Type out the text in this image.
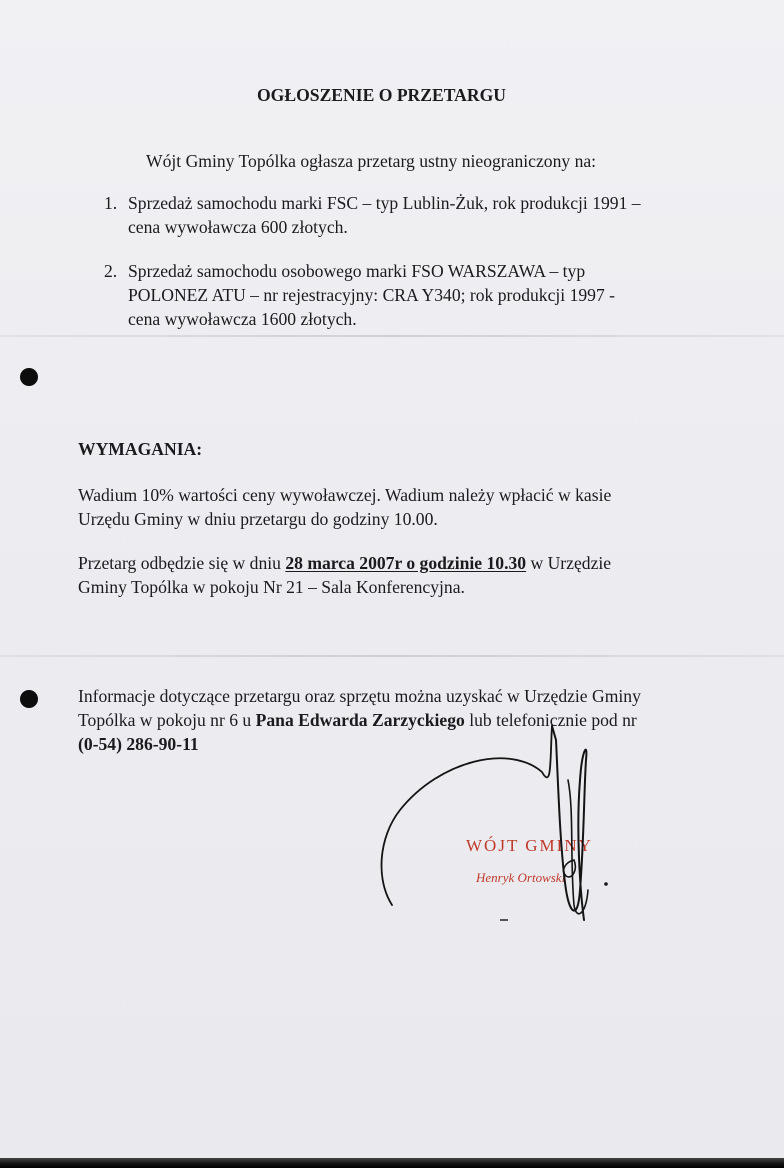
OGŁOSZENIE O PRZETARGU
Wójt Gminy Topólka ogłasza przetarg ustny nieograniczony na:
1. Sprzedaż samochodu marki FSC – typ Lublin-Żuk, rok produkcji 1991 –
cena wywoławcza 600 złotych.
2. Sprzedaż samochodu osobowego marki FSO WARSZAWA – typ
POLONEZ ATU – nr rejestracyjny: CRA Y340; rok produkcji 1997 -
cena wywoławcza 1600 złotych.
WYMAGANIA:
Wadium 10% wartości ceny wywoławczej. Wadium należy wpłacić w kasie
Urzędu Gminy w dniu przetargu do godziny 10.00.
Przetarg odbędzie się w dniu 28 marca 2007r o godzinie 10.30 w Urzędzie
Gminy Topólka w pokoju Nr 21 – Sala Konferencyjna.
Informacje dotyczące przetargu oraz sprzętu można uzyskać w Urzędzie Gminy
Topólka w pokoju nr 6 u Pana Edwarda Zarzyckiego lub telefonicznie pod nr
(0-54) 286-90-11
WÓJT GMINY
Henryk Ortowski
